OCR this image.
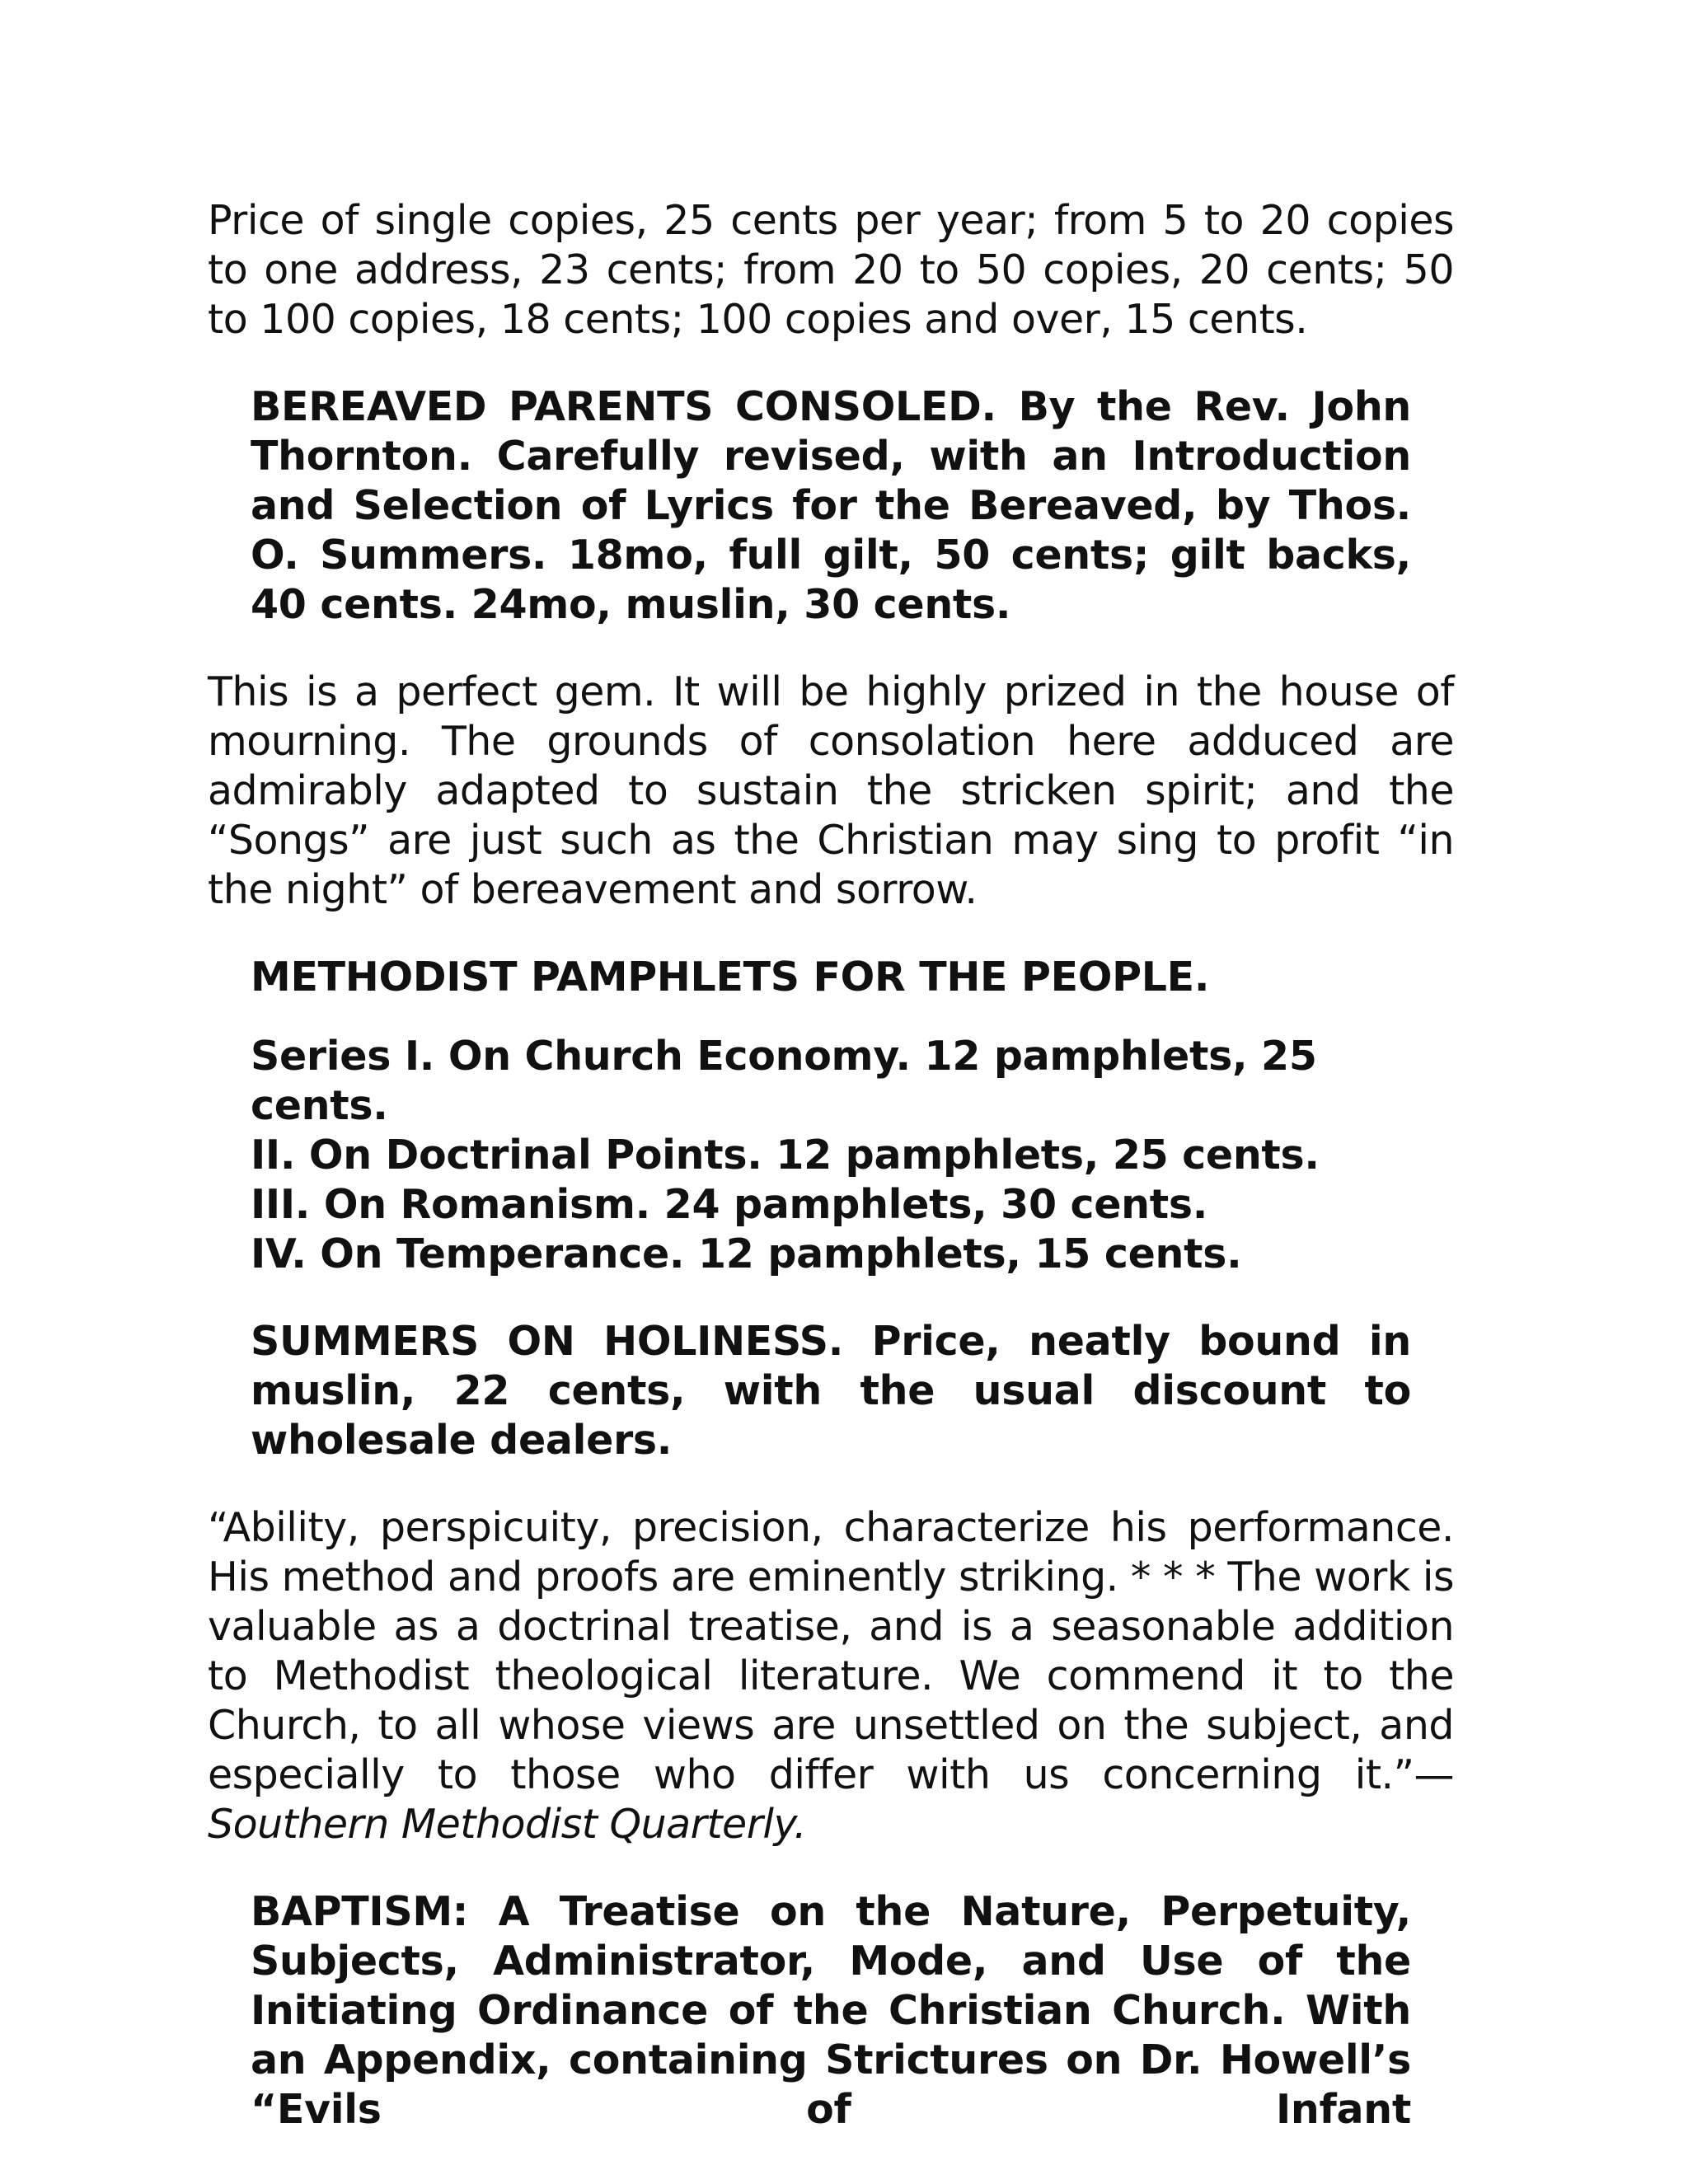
Price of single copies, 25 cents per year; from 5 to 20 copies to one address, 23 cents; from 20 to 50 copies, 20 cents; 50 to 100 copies, 18 cents; 100 copies and over, 15 cents.

BEREAVED PARENTS CONSOLED. By the Rev. John Thornton. Carefully revised, with an Introduction and Selection of Lyrics for the Bereaved, by Thos. O. Summers. 18mo, full gilt, 50 cents; gilt backs, 40 cents. 24mo, muslin, 30 cents.

This is a perfect gem. It will be highly prized in the house of mourning. The grounds of consolation here adduced are admirably adapted to sustain the stricken spirit; and the “Songs” are just such as the Christian may sing to profit “in the night” of bereavement and sorrow.

METHODIST PAMPHLETS FOR THE PEOPLE.

Series I. On Church Economy. 12 pamphlets, 25 cents.
II. On Doctrinal Points. 12 pamphlets, 25 cents.
III. On Romanism. 24 pamphlets, 30 cents.
IV. On Temperance. 12 pamphlets, 15 cents.

SUMMERS ON HOLINESS. Price, neatly bound in muslin, 22 cents, with the usual discount to wholesale dealers.

“Ability, perspicuity, precision, characterize his performance. His method and proofs are eminently striking. * * * The work is valuable as a doctrinal treatise, and is a seasonable addition to Methodist theological literature. We commend it to the Church, to all whose views are unsettled on the subject, and especially to those who differ with us concerning it.”—Southern Methodist Quarterly.

BAPTISM: A Treatise on the Nature, Perpetuity, Subjects, Administrator, Mode, and Use of the Initiating Ordinance of the Christian Church. With an Appendix, containing Strictures on Dr. Howell’s “Evils of Infant
